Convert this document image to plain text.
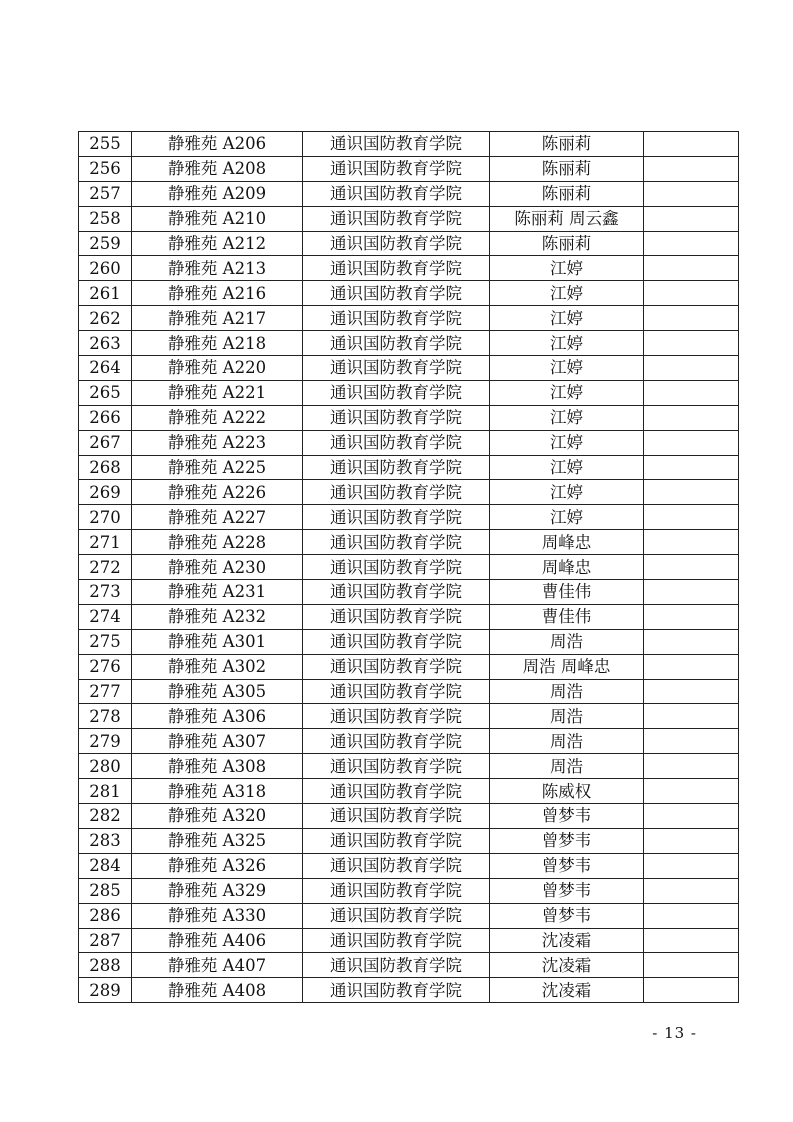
255	静雅苑 A206	通识国防教育学院	陈丽莉	
256	静雅苑 A208	通识国防教育学院	陈丽莉	
257	静雅苑 A209	通识国防教育学院	陈丽莉	
258	静雅苑 A210	通识国防教育学院	陈丽莉 周云鑫	
259	静雅苑 A212	通识国防教育学院	陈丽莉	
260	静雅苑 A213	通识国防教育学院	江婷	
261	静雅苑 A216	通识国防教育学院	江婷	
262	静雅苑 A217	通识国防教育学院	江婷	
263	静雅苑 A218	通识国防教育学院	江婷	
264	静雅苑 A220	通识国防教育学院	江婷	
265	静雅苑 A221	通识国防教育学院	江婷	
266	静雅苑 A222	通识国防教育学院	江婷	
267	静雅苑 A223	通识国防教育学院	江婷	
268	静雅苑 A225	通识国防教育学院	江婷	
269	静雅苑 A226	通识国防教育学院	江婷	
270	静雅苑 A227	通识国防教育学院	江婷	
271	静雅苑 A228	通识国防教育学院	周峰忠	
272	静雅苑 A230	通识国防教育学院	周峰忠	
273	静雅苑 A231	通识国防教育学院	曹佳伟	
274	静雅苑 A232	通识国防教育学院	曹佳伟	
275	静雅苑 A301	通识国防教育学院	周浩	
276	静雅苑 A302	通识国防教育学院	周浩 周峰忠	
277	静雅苑 A305	通识国防教育学院	周浩	
278	静雅苑 A306	通识国防教育学院	周浩	
279	静雅苑 A307	通识国防教育学院	周浩	
280	静雅苑 A308	通识国防教育学院	周浩	
281	静雅苑 A318	通识国防教育学院	陈威权	
282	静雅苑 A320	通识国防教育学院	曾梦韦	
283	静雅苑 A325	通识国防教育学院	曾梦韦	
284	静雅苑 A326	通识国防教育学院	曾梦韦	
285	静雅苑 A329	通识国防教育学院	曾梦韦	
286	静雅苑 A330	通识国防教育学院	曾梦韦	
287	静雅苑 A406	通识国防教育学院	沈凌霜	
288	静雅苑 A407	通识国防教育学院	沈凌霜	
289	静雅苑 A408	通识国防教育学院	沈凌霜	
- 13 -
